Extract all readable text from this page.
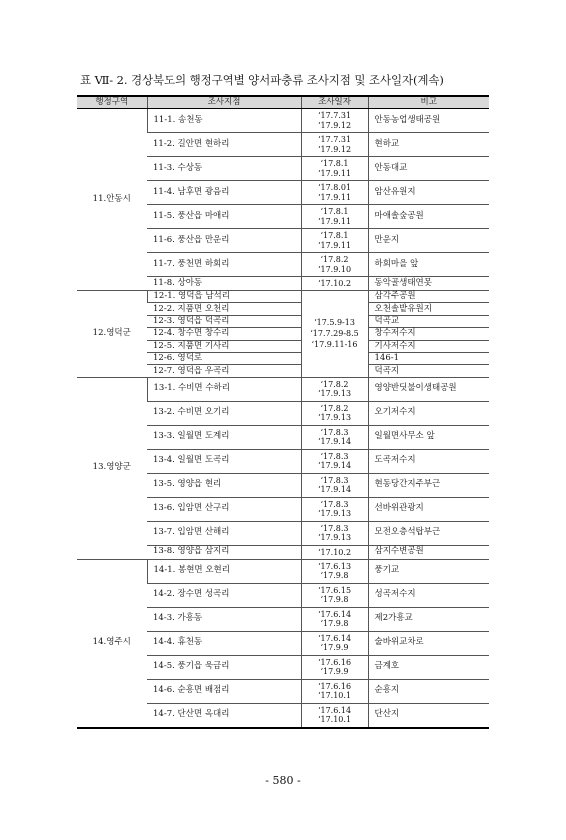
표 Ⅶ- 2. 경상북도의 행정구역별 양서파충류 조사지점 및 조사일자(계속)
행정구역	조사지점	조사일자	비고
11.안동시	11-1. 송천동	‘17.7.31
‘17.9.12	안동농업생태공원
	11-2. 길안면 현하리	‘17.7.31
‘17.9.12	현하교
	11-3. 수상동	‘17.8.1
‘17.9.11	안동대교
	11-4. 남후면 광음리	‘17.8.01
‘17.9.11	암산유원지
	11-5. 풍산읍 마애리	‘17.8.1
‘17.9.11	마애솔숲공원
	11-6. 풍산읍 만운리	‘17.8.1
‘17.9.11	만운지
	11-7. 풍천면 하회리	‘17.8.2
‘17.9.10	하회마을 앞
	11-8. 상아동	‘17.10.2	동악골생태연못
12.영덕군	12-1. 영덕읍 남석리	‘17.5.9-13
‘17.7.29-8.5
‘17.9.11-16	삼각주공원
	12-2. 지품면 오천리		오천솔밭유원지
	12-3. 영덕읍 덕곡리		덕곡교
	12-4. 창수면 창수리		창수저수지
	12-5. 지품면 기사리		기사저수지
	12-6. 영덕로		146-1
	12-7. 영덕읍 우곡리		덕곡지
13.영양군	13-1. 수비면 수하리	‘17.8.2
‘17.9.13	영양반딧불이생태공원
	13-2. 수비면 오기리	‘17.8.2
‘17.9.13	오기저수지
	13-3. 일월면 도계리	‘17.8.3
‘17.9.14	일월면사무소 앞
	13-4. 일월면 도곡리	‘17.8.3
‘17.9.14	도곡저수지
	13-5. 영양읍 현리	‘17.8.3
‘17.9.14	현동당간지주부근
	13-6. 입암면 산구리	‘17.8.3
‘17.9.13	선바위관광지
	13-7. 입암면 산해리	‘17.8.3
‘17.9.13	모전오층석탑부근
	13-8. 영양읍 삼지리	‘17.10.2	삼지수변공원
14.영주시	14-1. 봉현면 오현리	‘17.6.13
‘17.9.8	풍기교
	14-2. 장수면 성곡리	‘17.6.15
‘17.9.8	성곡저수지
	14-3. 가흥동	‘17.6.14
‘17.9.8	제2가흥교
	14-4. 휴천동	‘17.6.14
‘17.9.9	술바위교차로
	14-5. 풍기읍 욱금리	‘17.6.16
‘17.9.9	금계호
	14-6. 순흥면 배점리	‘17.6.16
‘17.10.1	순흥지
	14-7. 단산면 옥대리	‘17.6.14
‘17.10.1	단산지
- 580 -
